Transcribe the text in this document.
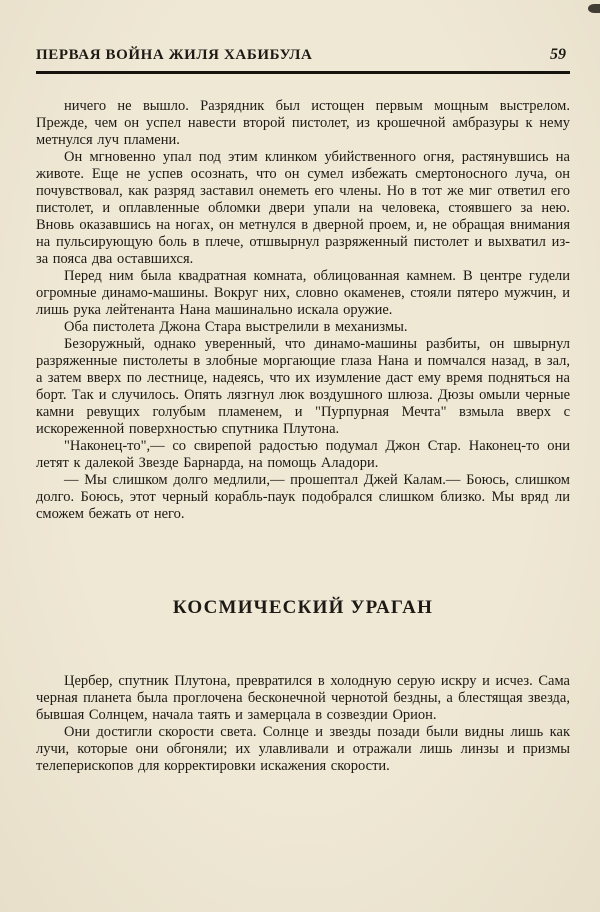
ПЕРВАЯ ВОЙНА ЖИЛЯ ХАБИБУЛА	59

ничего не вышло. Разрядник был истощен первым мощным выстрелом. Прежде, чем он успел навести второй пистолет, из крошечной амбразуры к нему метнулся луч пламени.

Он мгновенно упал под этим клинком убийственного огня, растянувшись на животе. Еще не успев осознать, что он сумел избежать смертоносного луча, он почувствовал, как разряд заставил онеметь его члены. Но в тот же миг ответил его пистолет, и оплавленные обломки двери упали на человека, стоявшего за нею. Вновь оказавшись на ногах, он метнулся в дверной проем, и, не обращая внимания на пульсирующую боль в плече, отшвырнул разряженный пистолет и выхватил из-за пояса два оставшихся.

Перед ним была квадратная комната, облицованная камнем. В центре гудели огромные динамо-машины. Вокруг них, словно окаменев, стояли пятеро мужчин, и лишь рука лейтенанта Нана машинально искала оружие.

Оба пистолета Джона Стара выстрелили в механизмы.

Безоружный, однако уверенный, что динамо-машины разбиты, он швырнул разряженные пистолеты в злобные моргающие глаза Нана и помчался назад, в зал, а затем вверх по лестнице, надеясь, что их изумление даст ему время подняться на борт. Так и случилось. Опять лязгнул люк воздушного шлюза. Дюзы омыли черные камни ревущих голубым пламенем, и "Пурпурная Мечта" взмыла вверх с искореженной поверхностью спутника Плутона.

"Наконец-то",— со свирепой радостью подумал Джон Стар. Наконец-то они летят к далекой Звезде Барнарда, на помощь Аладори.

— Мы слишком долго медлили,— прошептал Джей Калам.— Боюсь, слишком долго. Боюсь, этот черный корабль-паук подобрался слишком близко. Мы вряд ли сможем бежать от него.

КОСМИЧЕСКИЙ УРАГАН

Цербер, спутник Плутона, превратился в холодную серую искру и исчез. Сама черная планета была проглочена бесконечной чернотой бездны, а блестящая звезда, бывшая Солнцем, начала таять и замерцала в созвездии Орион.

Они достигли скорости света. Солнце и звезды позади были видны лишь как лучи, которые они обгоняли; их улавливали и отражали лишь линзы и призмы телеперископов для корректировки искажения скорости.
